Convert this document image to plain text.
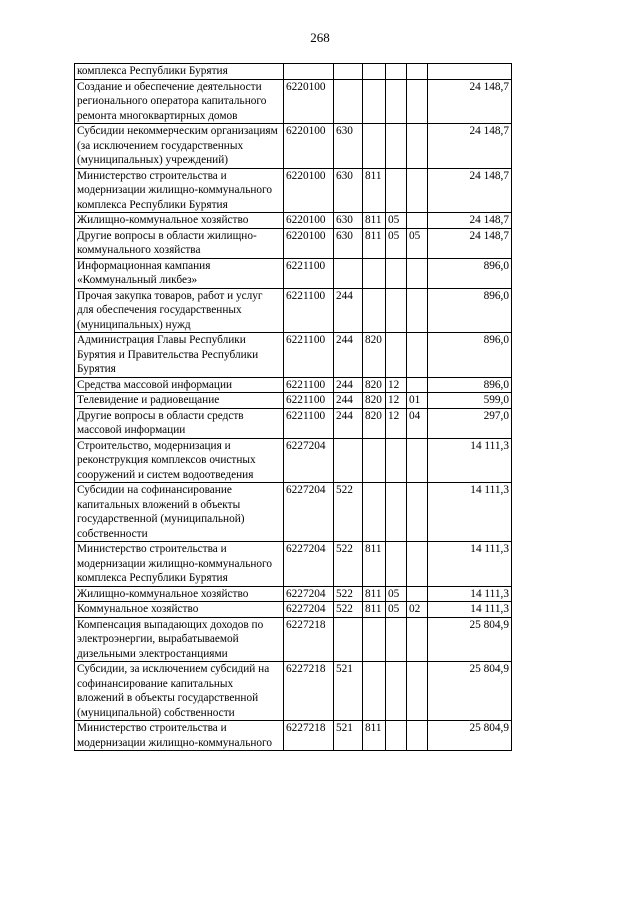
268
комплекса Республики Бурятия						
Создание и обеспечение деятельности регионального оператора капитального ремонта многоквартирных домов	6220100					24 148,7
Субсидии некоммерческим организациям (за исключением государственных (муниципальных) учреждений)	6220100	630				24 148,7
Министерство строительства и модернизации жилищно-коммунального комплекса Республики Бурятия	6220100	630	811			24 148,7
Жилищно-коммунальное хозяйство	6220100	630	811	05		24 148,7
Другие вопросы в области жилищно-коммунального хозяйства	6220100	630	811	05	05	24 148,7
Информационная кампания «Коммунальный ликбез»	6221100					896,0
Прочая закупка товаров, работ и услуг для обеспечения государственных (муниципальных) нужд	6221100	244				896,0
Администрация Главы Республики Бурятия и Правительства Республики Бурятия	6221100	244	820			896,0
Средства массовой информации	6221100	244	820	12		896,0
Телевидение и радиовещание	6221100	244	820	12	01	599,0
Другие вопросы в области средств массовой информации	6221100	244	820	12	04	297,0
Строительство, модернизация и реконструкция комплексов очистных сооружений и систем водоотведения	6227204					14 111,3
Субсидии на софинансирование капитальных вложений в объекты государственной (муниципальной) собственности	6227204	522				14 111,3
Министерство строительства и модернизации жилищно-коммунального комплекса Республики Бурятия	6227204	522	811			14 111,3
Жилищно-коммунальное хозяйство	6227204	522	811	05		14 111,3
Коммунальное хозяйство	6227204	522	811	05	02	14 111,3
Компенсация выпадающих доходов по электроэнергии, вырабатываемой дизельными электростанциями	6227218					25 804,9
Субсидии, за исключением субсидий на софинансирование капитальных вложений в объекты государственной (муниципальной) собственности	6227218	521				25 804,9
Министерство строительства и модернизации жилищно-коммунального	6227218	521	811			25 804,9
